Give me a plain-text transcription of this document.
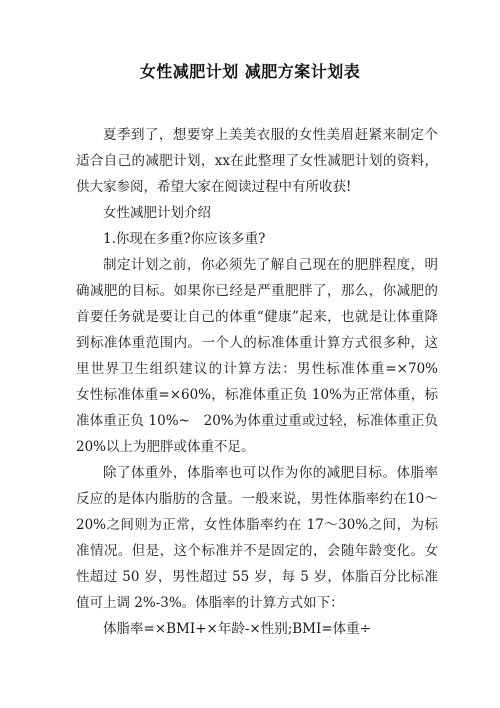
女性减肥计划 减肥方案计划表

夏季到了，想要穿上美美衣服的女性美眉赶紧来制定个适合自己的减肥计划，xx在此整理了女性减肥计划的资料，供大家参阅，希望大家在阅读过程中有所收获!

女性减肥计划介绍

1.你现在多重?你应该多重?

制定计划之前，你必须先了解自己现在的肥胖程度，明确减肥的目标。如果你已经是严重肥胖了，那么，你减肥的首要任务就是要让自己的体重“健康”起来，也就是让体重降到标准体重范围内。一个人的标准体重计算方式很多种，这里世界卫生组织建议的计算方法：男性标准体重=×70%　女性标准体重=×60%，标准体重正负 10%为正常体重，标准体重正负 10%~　20%为体重过重或过轻，标准体重正负 20%以上为肥胖或体重不足。

除了体重外，体脂率也可以作为你的减肥目标。体脂率反应的是体内脂肪的含量。一般来说，男性体脂率约在10～20%之间则为正常，女性体脂率约在 17～30%之间，为标准情况。但是，这个标准并不是固定的，会随年龄变化。女性超过 50 岁，男性超过 55 岁，每 5 岁，体脂百分比标准值可上调 2%-3%。体脂率的计算方式如下：

体脂率=×BMI+×年龄-×性别;BMI=体重÷
